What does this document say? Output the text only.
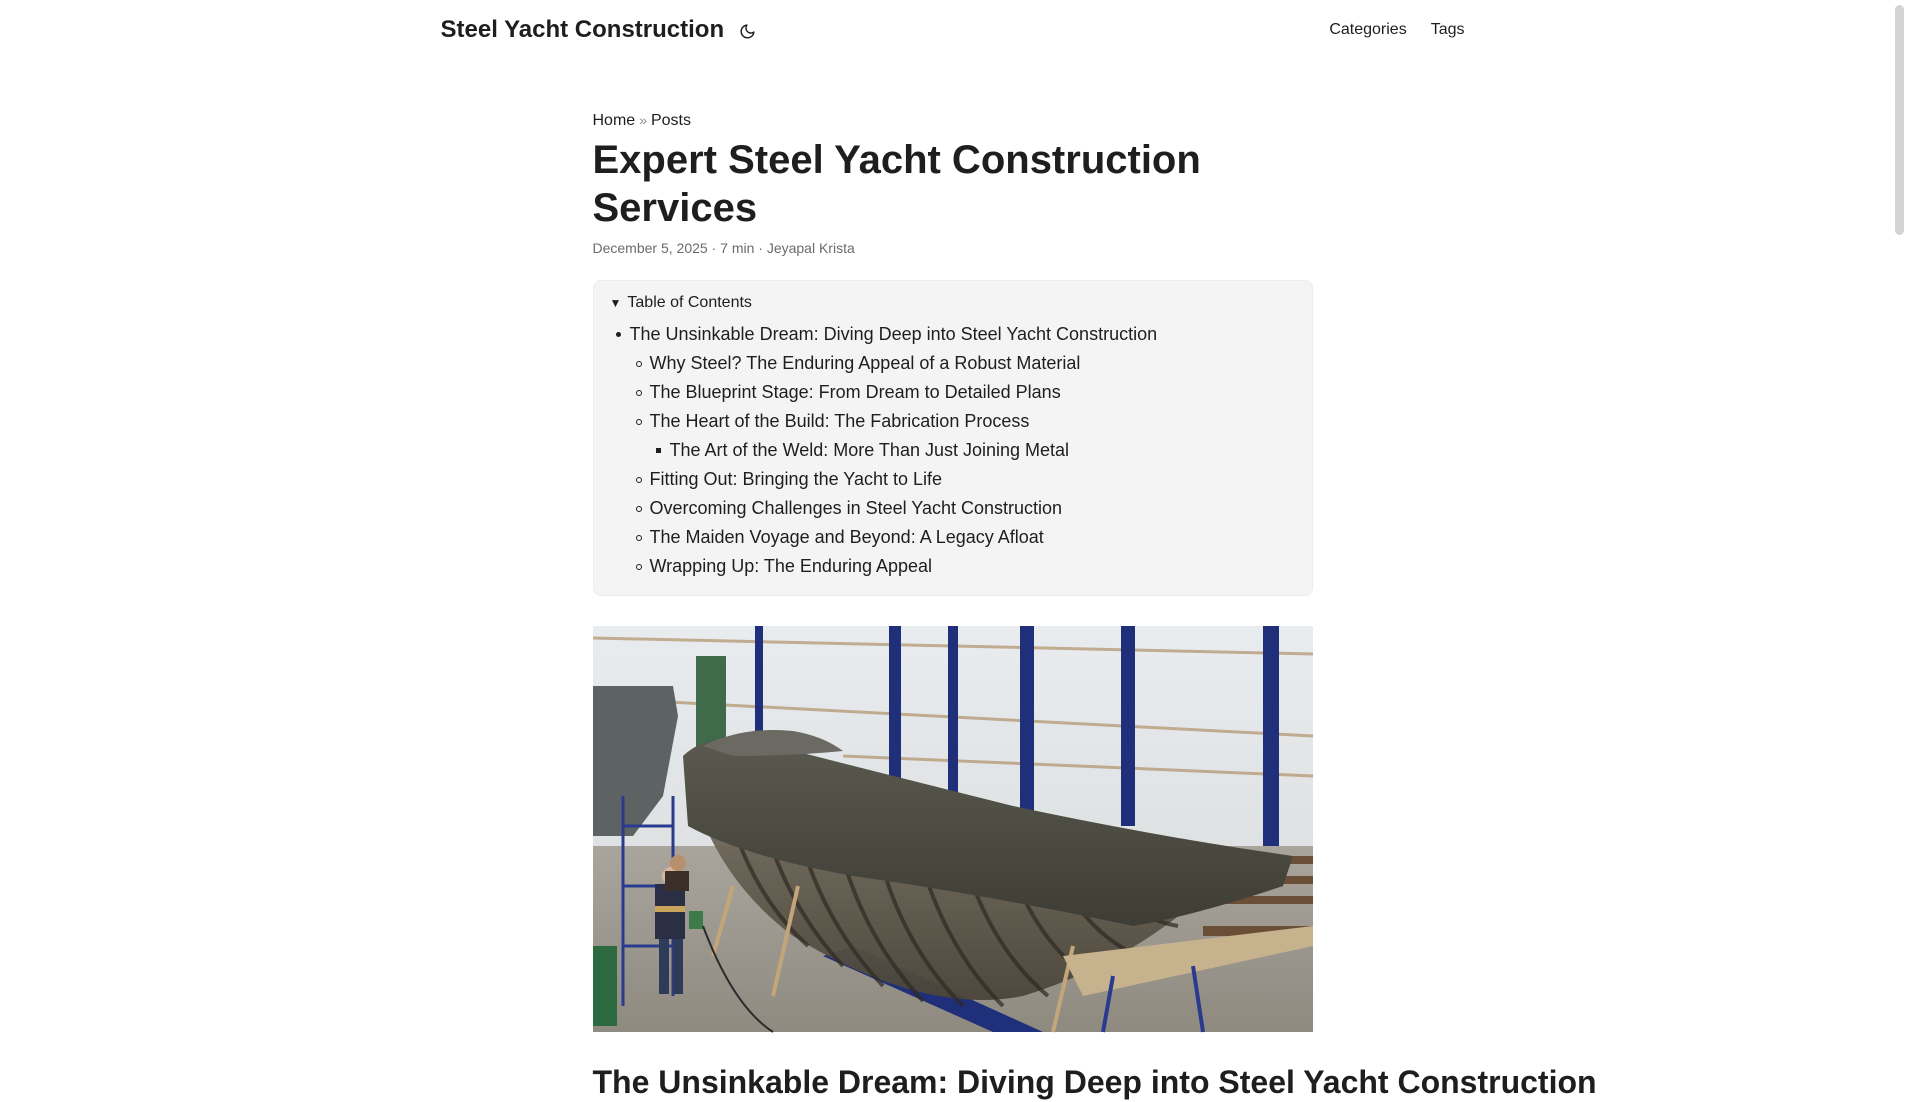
Steel Yacht Construction	Categories Tags
Home » Posts
Expert Steel Yacht Construction Services
December 5, 2025 · 7 min · Jeyapal Krista
▼ Table of Contents
The Unsinkable Dream: Diving Deep into Steel Yacht Construction
Why Steel? The Enduring Appeal of a Robust Material
The Blueprint Stage: From Dream to Detailed Plans
The Heart of the Build: The Fabrication Process
The Art of the Weld: More Than Just Joining Metal
Fitting Out: Bringing the Yacht to Life
Overcoming Challenges in Steel Yacht Construction
The Maiden Voyage and Beyond: A Legacy Afloat
Wrapping Up: The Enduring Appeal
The Unsinkable Dream: Diving Deep into Steel Yacht Construction
